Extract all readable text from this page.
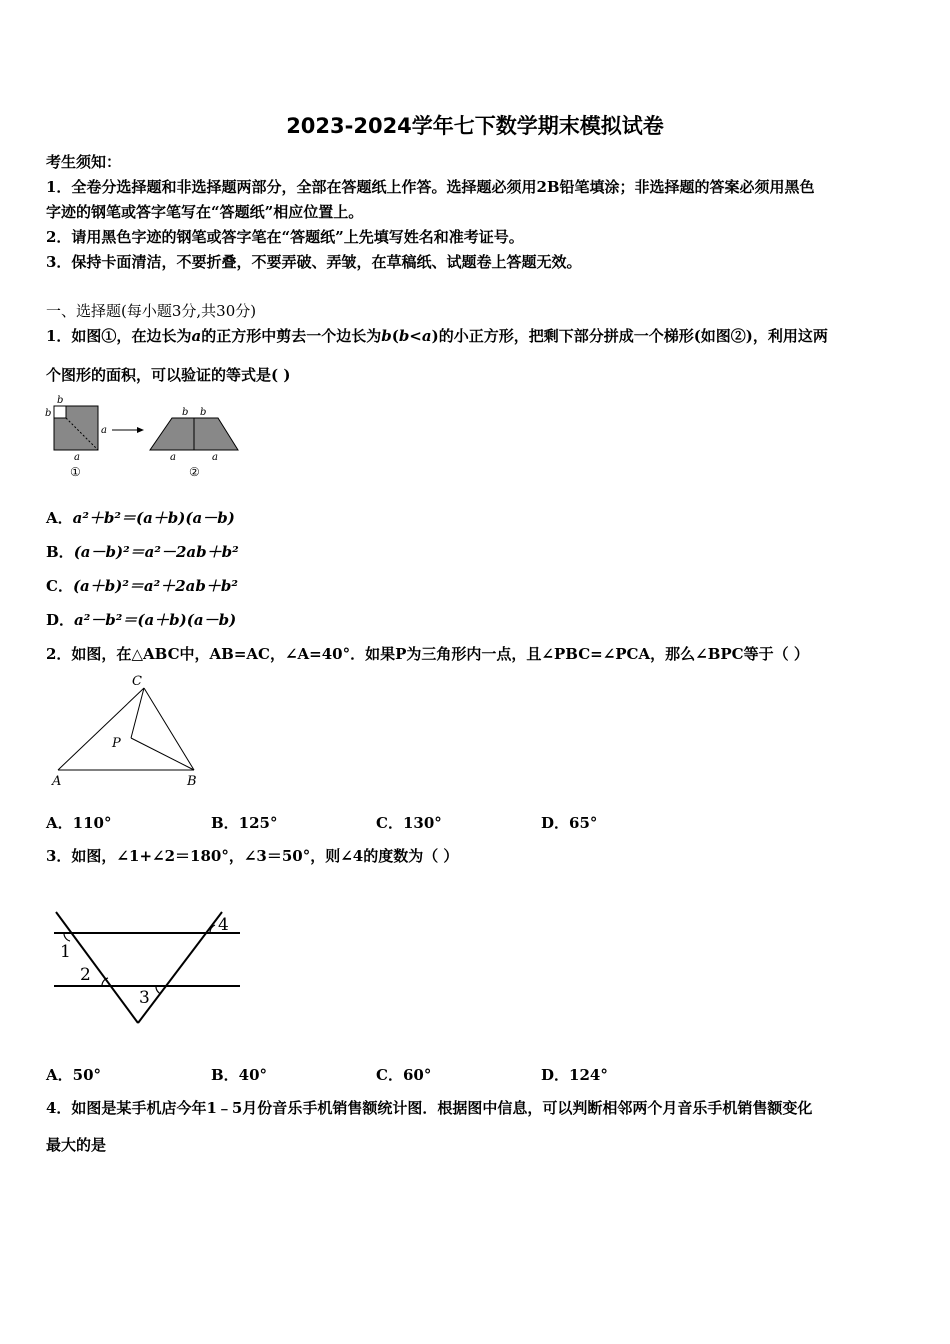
2023-2024学年七下数学期末模拟试卷
考生须知：
1．全卷分选择题和非选择题两部分，全部在答题纸上作答。选择题必须用2B铅笔填涂；非选择题的答案必须用黑色
字迹的钢笔或答字笔写在“答题纸”相应位置上。
2．请用黑色字迹的钢笔或答字笔在“答题纸”上先填写姓名和准考证号。
3．保持卡面清洁，不要折叠，不要弄破、弄皱，在草稿纸、试题卷上答题无效。
一、选择题(每小题3分,共30分)
1．如图①，在边长为a的正方形中剪去一个边长为b(b<a)的小正方形，把剩下部分拼成一个梯形(如图②)，利用这两
个图形的面积，可以验证的等式是( )
b
b
a
a
①
b b
a	a
②
A．a²＋b²＝(a＋b)(a－b)
B．(a－b)²＝a²－2ab＋b²
C．(a＋b)²＝a²＋2ab＋b²
D．a²－b²＝(a＋b)(a－b)
2．如图，在△ABC中，AB=AC，∠A=40°．如果P为三角形内一点，且∠PBC=∠PCA，那么∠BPC等于（ ）
C
P
A	B
A．110°	B．125°	C．130°	D．65°
3．如图，∠1+∠2＝180°，∠3＝50°，则∠4的度数为（ ）
1
2
3
4
A．50°	B．40°	C．60°	D．124°
4．如图是某手机店今年1﹣5月份音乐手机销售额统计图．根据图中信息，可以判断相邻两个月音乐手机销售额变化
最大的是
